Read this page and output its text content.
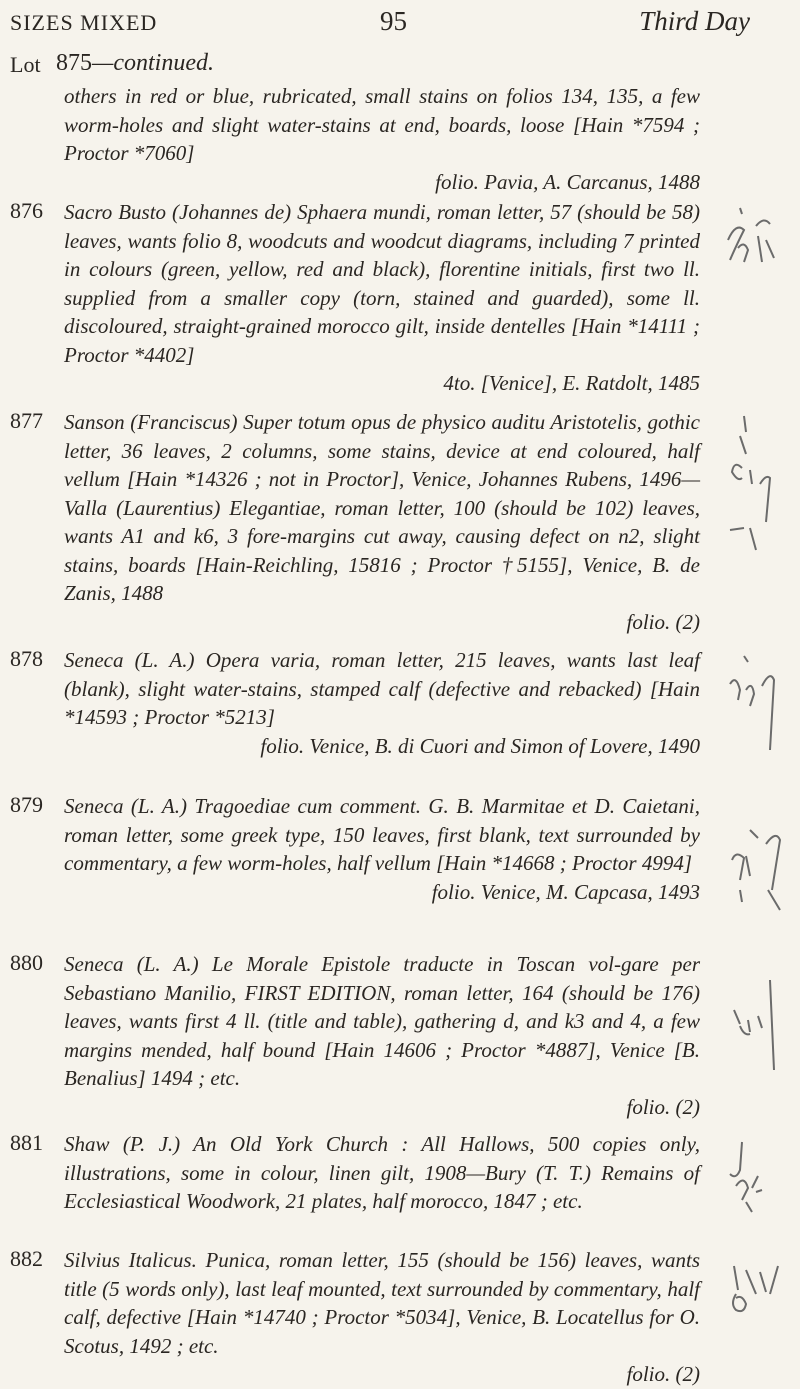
SIZES MIXED	95	Third Day
Lot 875—continued.
others in red or blue, rubricated, small stains on folios 134, 135, a few worm-holes and slight water-stains at end, boards, loose [Hain *7594 ; Proctor *7060]
folio. Pavia, A. Carcanus, 1488
876 Sacro Busto (Johannes de) Sphaera mundi, roman letter, 57 (should be 58) leaves, wants folio 8, woodcuts and woodcut diagrams, including 7 printed in colours (green, yellow, red and black), florentine initials, first two ll. supplied from a smaller copy (torn, stained and guarded), some ll. discoloured, straight-grained morocco gilt, inside dentelles [Hain *14111 ; Proctor *4402]
4to. [Venice], E. Ratdolt, 1485
877 Sanson (Franciscus) Super totum opus de physico auditu Aristotelis, gothic letter, 36 leaves, 2 columns, some stains, device at end coloured, half vellum [Hain *14326 ; not in Proctor], Venice, Johannes Rubens, 1496—Valla (Laurentius) Elegantiae, roman letter, 100 (should be 102) leaves, wants A1 and k6, 3 fore-margins cut away, causing defect on n2, slight stains, boards [Hain-Reichling, 15816 ; Proctor †5155], Venice, B. de Zanis, 1488
folio. (2)
878 Seneca (L. A.) Opera varia, roman letter, 215 leaves, wants last leaf (blank), slight water-stains, stamped calf (defective and rebacked) [Hain *14593 ; Proctor *5213]
folio. Venice, B. di Cuori and Simon of Lovere, 1490
879 Seneca (L. A.) Tragoediae cum comment. G. B. Marmitae et D. Caietani, roman letter, some greek type, 150 leaves, first blank, text surrounded by commentary, a few worm-holes, half vellum [Hain *14668 ; Proctor 4994]
folio. Venice, M. Capcasa, 1493
880 Seneca (L. A.) Le Morale Epistole traducte in Toscan vol-gare per Sebastiano Manilio, FIRST EDITION, roman letter, 164 (should be 176) leaves, wants first 4 ll. (title and table), gathering d, and k3 and 4, a few margins mended, half bound [Hain 14606 ; Proctor *4887], Venice [B. Benalius] 1494 ; etc.
folio. (2)
881 Shaw (P. J.) An Old York Church : All Hallows, 500 copies only, illustrations, some in colour, linen gilt, 1908—Bury (T. T.) Remains of Ecclesiastical Woodwork, 21 plates, half morocco, 1847 ; etc.
882 Silvius Italicus. Punica, roman letter, 155 (should be 156) leaves, wants title (5 words only), last leaf mounted, text surrounded by commentary, half calf, defective [Hain *14740 ; Proctor *5034], Venice, B. Locatellus for O. Scotus, 1492 ; etc.
folio. (2)
